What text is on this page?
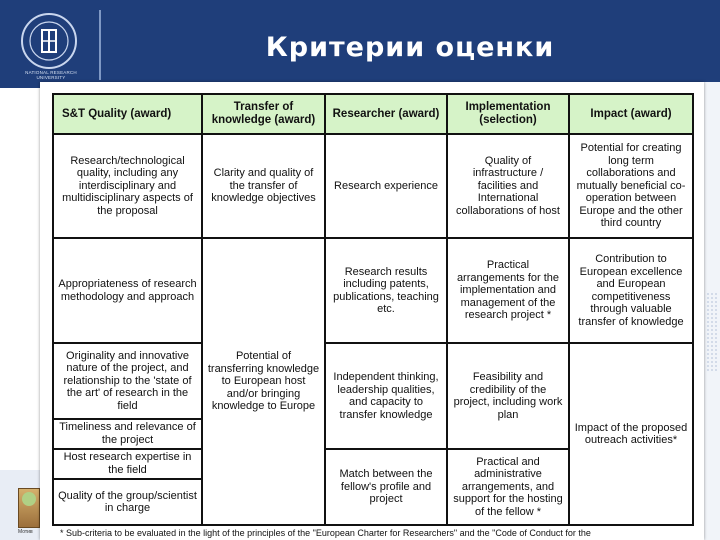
NATIONAL RESEARCH
UNIVERSITY
Критерии оценки
Мотив
S&T Quality (award)	Transfer of knowledge (award)	Researcher (award)	Implementation (selection)	Impact (award)
Research/technological quality, including any interdisciplinary and multidisciplinary aspects of the proposal	Clarity and quality of the transfer of knowledge objectives	Research experience	Quality of infrastructure / facilities and International collaborations of host	Potential for creating long term collaborations and mutually beneficial co-operation between Europe and the other third country
Appropriateness of research methodology and approach	Potential of transferring knowledge to European host and/or bringing knowledge to Europe	Research results including patents, publications, teaching etc.	Practical arrangements for the implementation and management of the research project *	Contribution to European excellence and European competitiveness through valuable transfer of knowledge
Originality and innovative nature of the project, and relationship to the 'state of the art' of research in the field		Independent thinking, leadership qualities, and capacity to transfer knowledge	Feasibility and credibility of the project, including work plan	Impact of the proposed outreach activities*
Timeliness and relevance of the project				
Host research expertise in the field		Match between the fellow's profile and project	Practical and administrative arrangements, and support for the hosting of the fellow *	
Quality of the group/scientist in charge				
* Sub-criteria to be evaluated in the light of the principles of the "European Charter for Researchers" and the "Code of Conduct for the
